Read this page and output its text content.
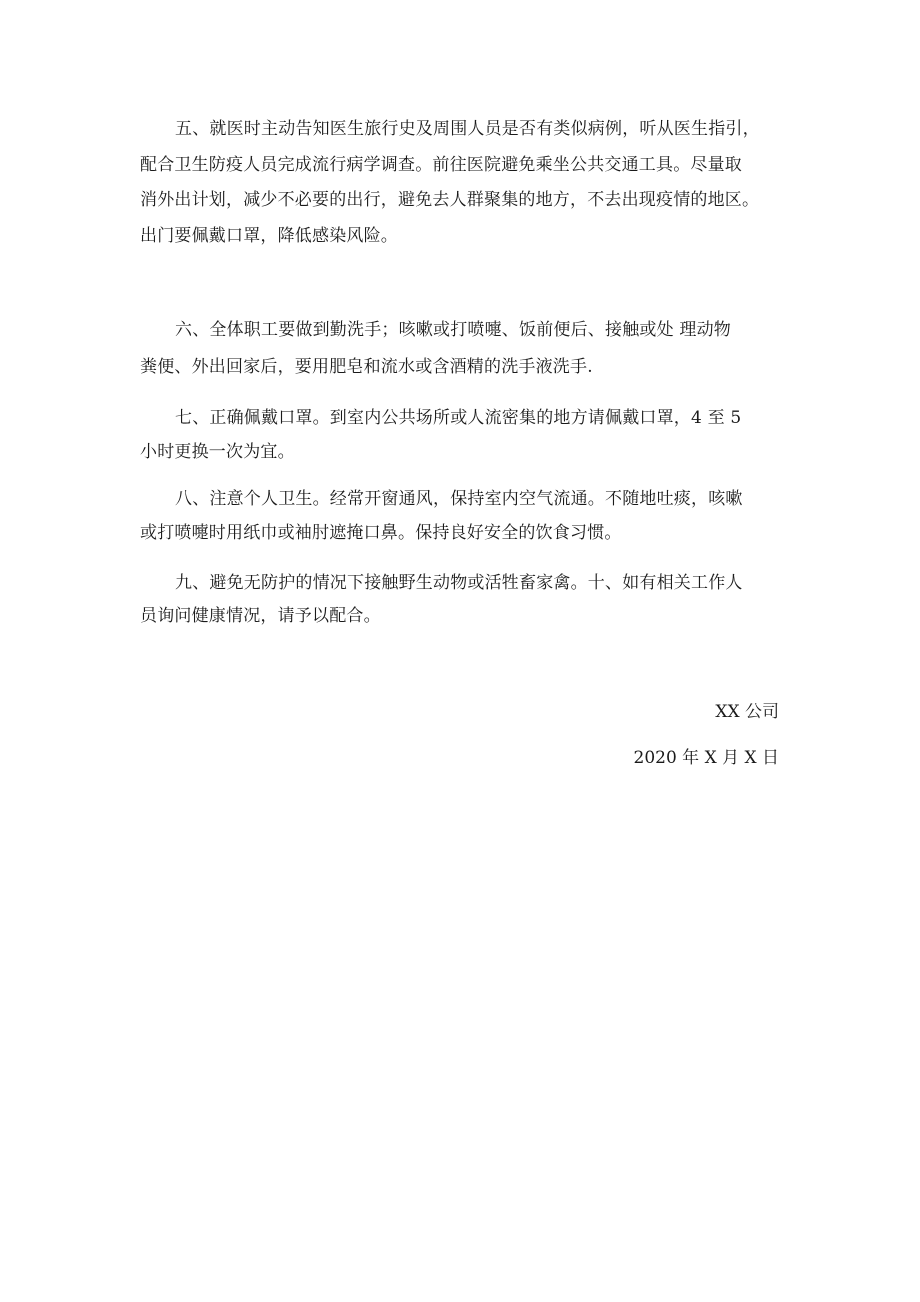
五、就医时主动告知医生旅行史及周围人员是否有类似病例，听从医生指引，
配合卫生防疫人员完成流行病学调查。前往医院避免乘坐公共交通工具。尽量取
消外出计划，减少不必要的出行，避免去人群聚集的地方，不去出现疫情的地区。
出门要佩戴口罩，降低感染风险。
六、全体职工要做到勤洗手；咳嗽或打喷嚏、饭前便后、接触或处 理动物
粪便、外出回家后，要用肥皂和流水或含酒精的洗手液洗手.
七、正确佩戴口罩。到室内公共场所或人流密集的地方请佩戴口罩，4 至 5
小时更换一次为宜。
八、注意个人卫生。经常开窗通风，保持室内空气流通。不随地吐痰，咳嗽
或打喷嚏时用纸巾或袖肘遮掩口鼻。保持良好安全的饮食习惯。
九、避免无防护的情况下接触野生动物或活牲畜家禽。十、如有相关工作人
员询问健康情况，请予以配合。
XX 公司
2020 年 X 月 X 日
